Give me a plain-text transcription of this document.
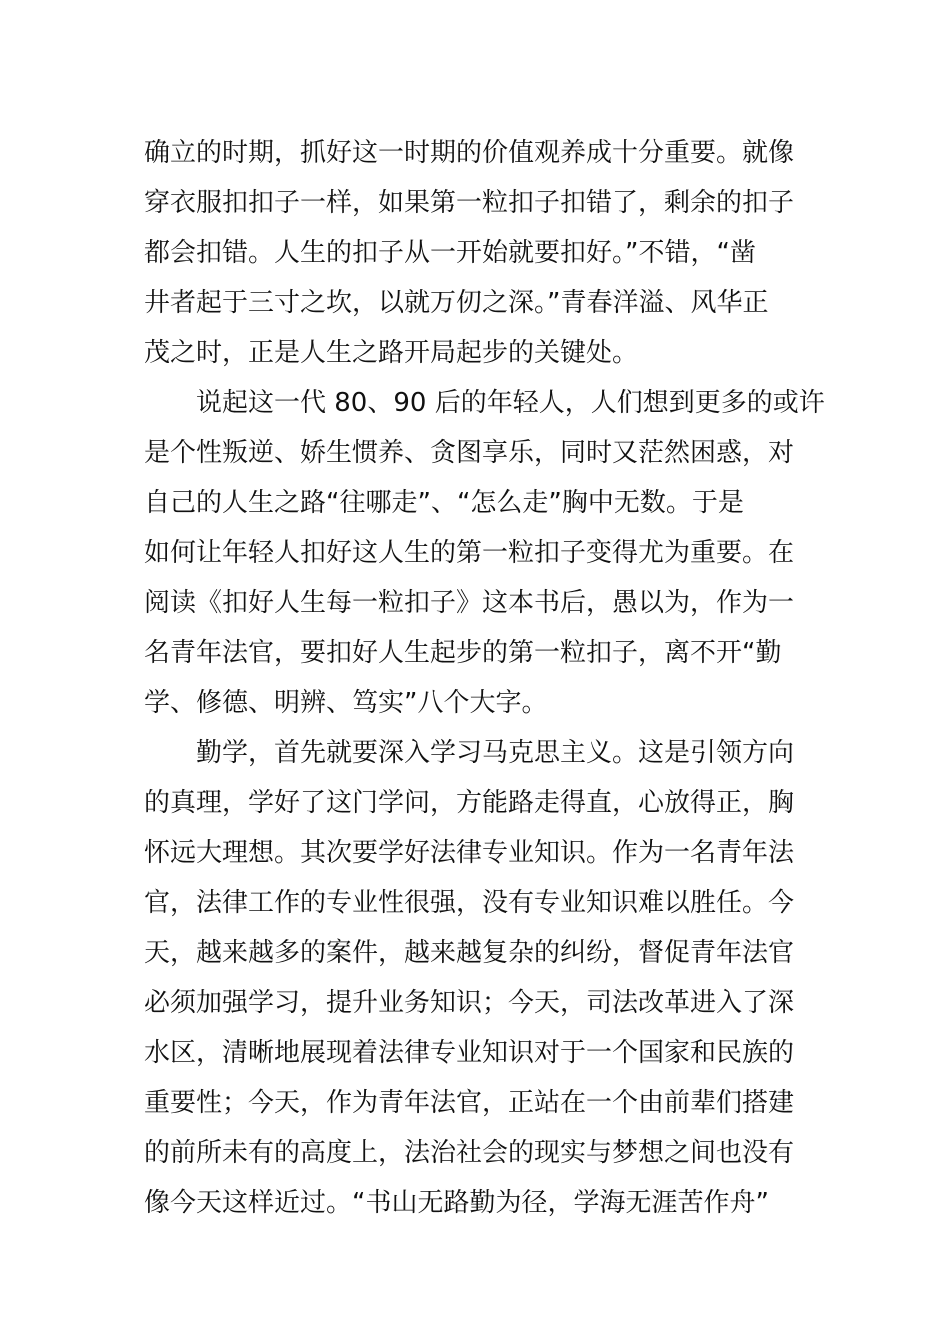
确立的时期，抓好这一时期的价值观养成十分重要。就像
穿衣服扣扣子一样，如果第一粒扣子扣错了，剩余的扣子
都会扣错。人生的扣子从一开始就要扣好。”不错，“凿
井者起于三寸之坎，以就万仞之深。”青春洋溢、风华正
茂之时，正是人生之路开局起步的关键处。
说起这一代 80、90 后的年轻人，人们想到更多的或许
是个性叛逆、娇生惯养、贪图享乐，同时又茫然困惑，对
自己的人生之路“往哪走”、“怎么走”胸中无数。于是
如何让年轻人扣好这人生的第一粒扣子变得尤为重要。在
阅读《扣好人生每一粒扣子》这本书后，愚以为，作为一
名青年法官，要扣好人生起步的第一粒扣子，离不开“勤
学、修德、明辨、笃实”八个大字。
勤学，首先就要深入学习马克思主义。这是引领方向
的真理，学好了这门学问，方能路走得直，心放得正，胸
怀远大理想。其次要学好法律专业知识。作为一名青年法
官，法律工作的专业性很强，没有专业知识难以胜任。今
天，越来越多的案件，越来越复杂的纠纷，督促青年法官
必须加强学习，提升业务知识；今天，司法改革进入了深
水区，清晰地展现着法律专业知识对于一个国家和民族的
重要性；今天，作为青年法官，正站在一个由前辈们搭建
的前所未有的高度上，法治社会的现实与梦想之间也没有
像今天这样近过。“书山无路勤为径，学海无涯苦作舟”
